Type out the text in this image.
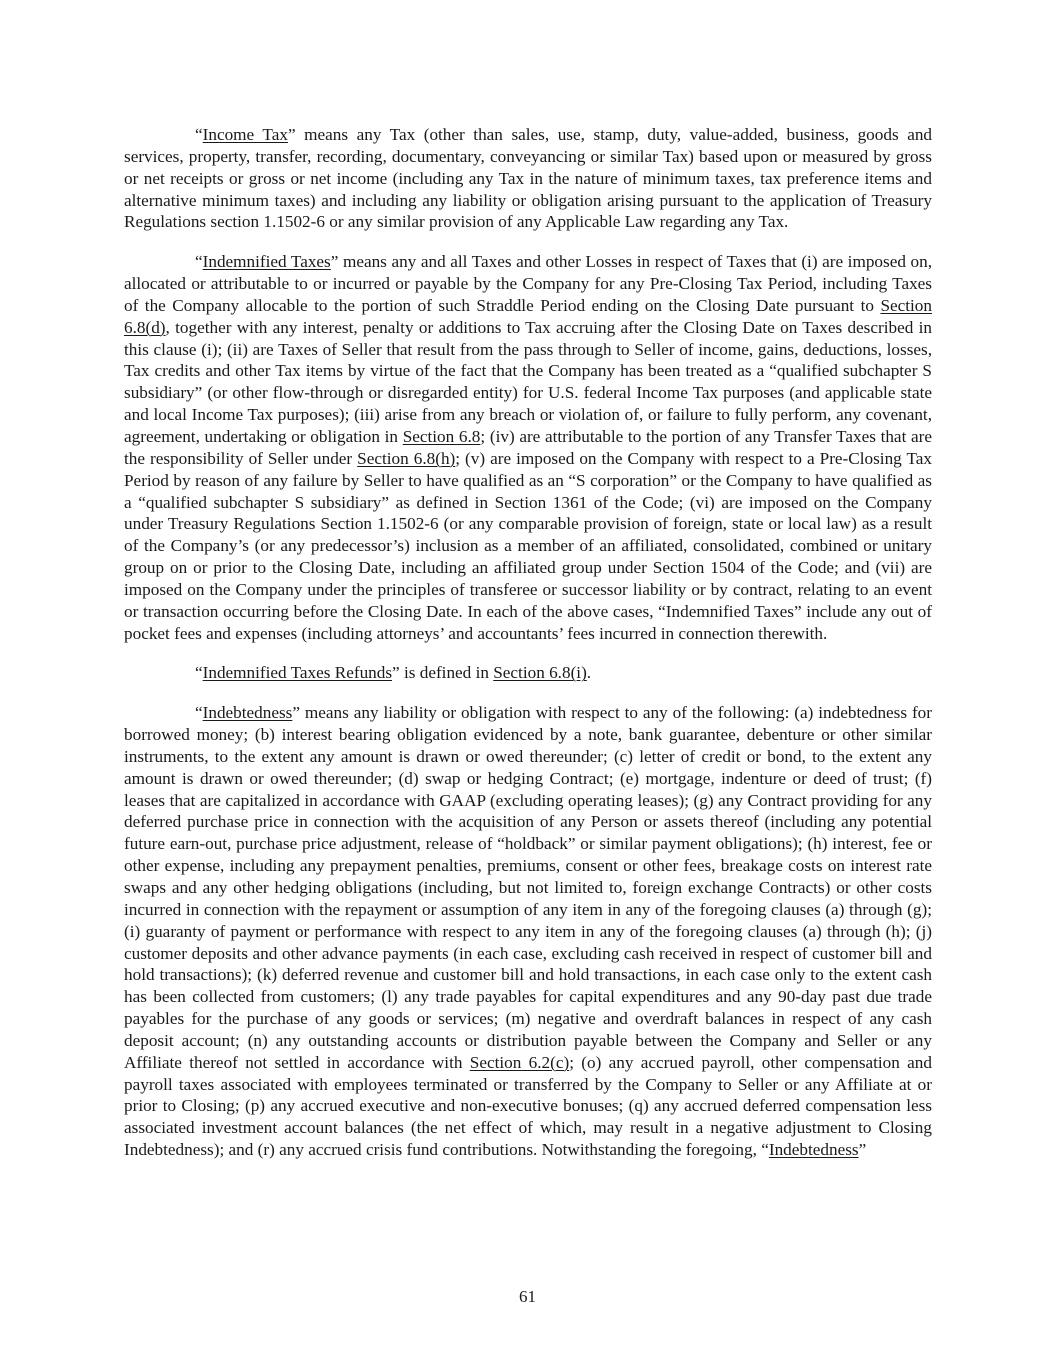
“Income Tax” means any Tax (other than sales, use, stamp, duty, value-added, business, goods and services, property, transfer, recording, documentary, conveyancing or similar Tax) based upon or measured by gross or net receipts or gross or net income (including any Tax in the nature of minimum taxes, tax preference items and alternative minimum taxes) and including any liability or obligation arising pursuant to the application of Treasury Regulations section 1.1502-6 or any similar provision of any Applicable Law regarding any Tax.

“Indemnified Taxes” means any and all Taxes and other Losses in respect of Taxes that (i) are imposed on, allocated or attributable to or incurred or payable by the Company for any Pre-Closing Tax Period, including Taxes of the Company allocable to the portion of such Straddle Period ending on the Closing Date pursuant to Section 6.8(d), together with any interest, penalty or additions to Tax accruing after the Closing Date on Taxes described in this clause (i); (ii) are Taxes of Seller that result from the pass through to Seller of income, gains, deductions, losses, Tax credits and other Tax items by virtue of the fact that the Company has been treated as a “qualified subchapter S subsidiary” (or other flow-through or disregarded entity) for U.S. federal Income Tax purposes (and applicable state and local Income Tax purposes); (iii) arise from any breach or violation of, or failure to fully perform, any covenant, agreement, undertaking or obligation in Section 6.8; (iv) are attributable to the portion of any Transfer Taxes that are the responsibility of Seller under Section 6.8(h); (v) are imposed on the Company with respect to a Pre-Closing Tax Period by reason of any failure by Seller to have qualified as an “S corporation” or the Company to have qualified as a “qualified subchapter S subsidiary” as defined in Section 1361 of the Code; (vi) are imposed on the Company under Treasury Regulations Section 1.1502-6 (or any comparable provision of foreign, state or local law) as a result of the Company’s (or any predecessor’s) inclusion as a member of an affiliated, consolidated, combined or unitary group on or prior to the Closing Date, including an affiliated group under Section 1504 of the Code; and (vii) are imposed on the Company under the principles of transferee or successor liability or by contract, relating to an event or transaction occurring before the Closing Date. In each of the above cases, “Indemnified Taxes” include any out of pocket fees and expenses (including attorneys’ and accountants’ fees incurred in connection therewith.

“Indemnified Taxes Refunds” is defined in Section 6.8(i).

“Indebtedness” means any liability or obligation with respect to any of the following: (a) indebtedness for borrowed money; (b) interest bearing obligation evidenced by a note, bank guarantee, debenture or other similar instruments, to the extent any amount is drawn or owed thereunder; (c) letter of credit or bond, to the extent any amount is drawn or owed thereunder; (d) swap or hedging Contract; (e) mortgage, indenture or deed of trust; (f) leases that are capitalized in accordance with GAAP (excluding operating leases); (g) any Contract providing for any deferred purchase price in connection with the acquisition of any Person or assets thereof (including any potential future earn-out, purchase price adjustment, release of “holdback” or similar payment obligations); (h) interest, fee or other expense, including any prepayment penalties, premiums, consent or other fees, breakage costs on interest rate swaps and any other hedging obligations (including, but not limited to, foreign exchange Contracts) or other costs incurred in connection with the repayment or assumption of any item in any of the foregoing clauses (a) through (g); (i) guaranty of payment or performance with respect to any item in any of the foregoing clauses (a) through (h); (j) customer deposits and other advance payments (in each case, excluding cash received in respect of customer bill and hold transactions); (k) deferred revenue and customer bill and hold transactions, in each case only to the extent cash has been collected from customers; (l) any trade payables for capital expenditures and any 90-day past due trade payables for the purchase of any goods or services; (m) negative and overdraft balances in respect of any cash deposit account; (n) any outstanding accounts or distribution payable between the Company and Seller or any Affiliate thereof not settled in accordance with Section 6.2(c); (o) any accrued payroll, other compensation and payroll taxes associated with employees terminated or transferred by the Company to Seller or any Affiliate at or prior to Closing; (p) any accrued executive and non-executive bonuses; (q) any accrued deferred compensation less associated investment account balances (the net effect of which, may result in a negative adjustment to Closing Indebtedness); and (r) any accrued crisis fund contributions. Notwithstanding the foregoing, “Indebtedness”

61
